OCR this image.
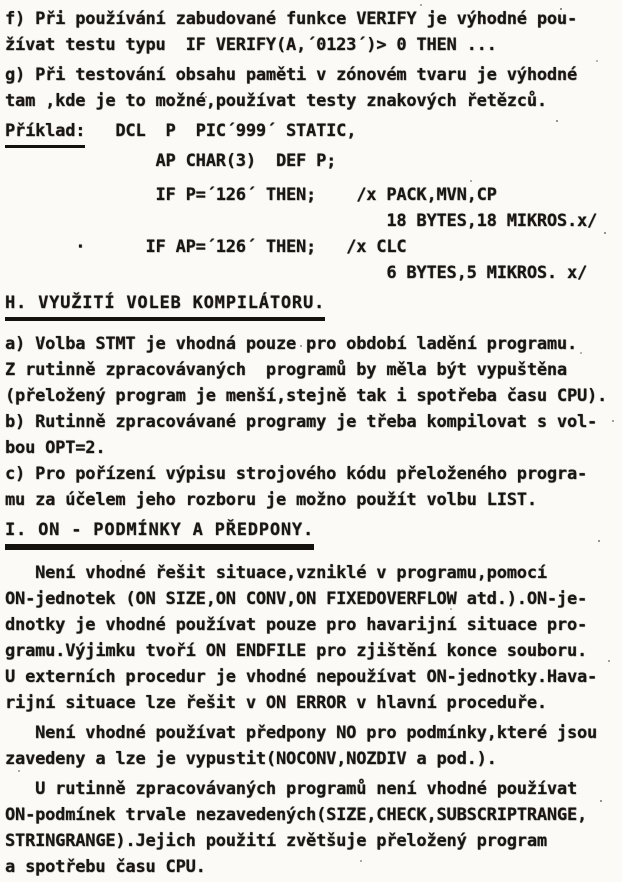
f) Při používání zabudované funkce VERIFY je výhodné pou-
žívat testu typu  IF VERIFY(A,´0123´)> 0 THEN ...
g) Při testování obsahu paměti v zónovém tvaru je výhodné
tam ,kde je to možné,používat testy znakových řetězců.
Příklad:   DCL  P  PIC´999´ STATIC,
AP CHAR(3)  DEF P;
IF P=´126´ THEN;    /x PACK,MVN,CP
18 BYTES,18 MIKROS.x/
·      IF AP=´126´ THEN;   /x CLC
6 BYTES,5 MIKROS. x/
H. VYUŽITÍ VOLEB KOMPILÁTORU.
a) Volba STMT je vhodná pouze pro období ladění programu.
Z rutinně zpracovávaných  programů by měla být vypuštěna
(přeložený program je menší,stejně tak i spotřeba času CPU).
b) Rutinně zpracovávané programy je třeba kompilovat s vol-
bou OPT=2.
c) Pro pořízení výpisu strojového kódu přeloženého progra-
mu za účelem jeho rozboru je možno použít volbu LIST.
I. ON - PODMÍNKY A PŘEDPONY.
Není vhodné řešit situace,vzniklé v programu,pomocí
ON-jednotek (ON SIZE,ON CONV,ON FIXEDOVERFLOW atd.).ON-je-
dnotky je vhodné používat pouze pro havarijní situace pro-
gramu.Výjimku tvoří ON ENDFILE pro zjištění konce souboru.
U externích procedur je vhodné nepoužívat ON-jednotky.Hava-
rijní situace lze řešit v ON ERROR v hlavní proceduře.
Není vhodné používat předpony NO pro podmínky,které jsou
zavedeny a lze je vypustit(NOCONV,NOZDIV a pod.).
U rutinně zpracovávaných programů není vhodné používat
ON-podmínek trvale nezavedených(SIZE,CHECK,SUBSCRIPTRANGE,
STRINGRANGE).Jejich použití zvětšuje přeložený program
a spotřebu času CPU.
